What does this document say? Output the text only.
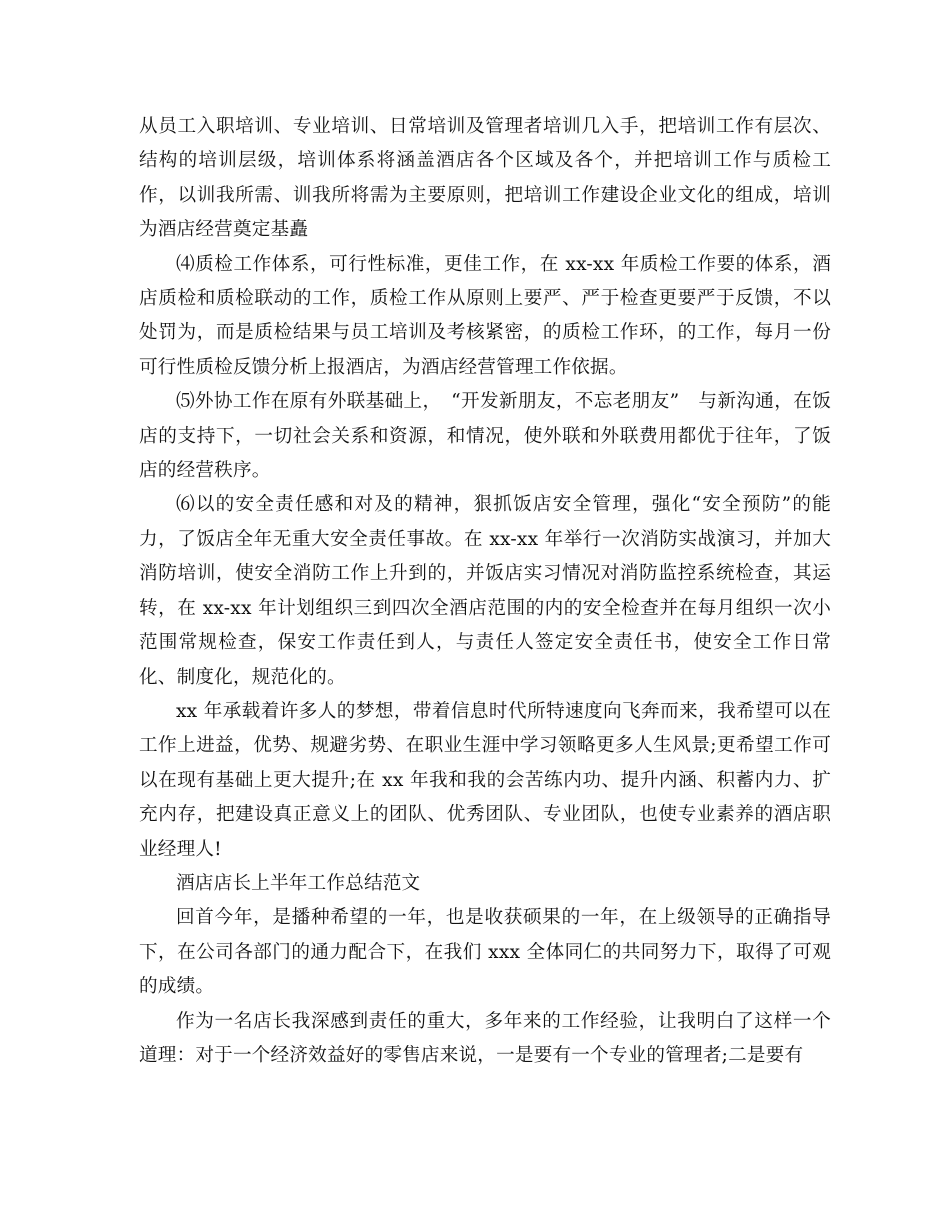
从员工入职培训、专业培训、日常培训及管理者培训几入手，把培训工作有层次、结构的培训层级，培训体系将涵盖酒店各个区域及各个，并把培训工作与质检工作，以训我所需、训我所将需为主要原则，把培训工作建设企业文化的组成，培训为酒店经营奠定基矗

⑷质检工作体系，可行性标准，更佳工作，在 xx-xx 年质检工作要的体系，酒店质检和质检联动的工作，质检工作从原则上要严、严于检查更要严于反馈，不以处罚为，而是质检结果与员工培训及考核紧密，的质检工作环，的工作，每月一份可行性质检反馈分析上报酒店，为酒店经营管理工作依据。

⑸外协工作在原有外联基础上，　“开发新朋友，不忘老朋友”　与新沟通，在饭店的支持下，一切社会关系和资源，和情况，使外联和外联费用都优于往年，了饭店的经营秩序。

⑹以的安全责任感和对及的精神，狠抓饭店安全管理，强化“安全预防”的能力，了饭店全年无重大安全责任事故。在 xx-xx 年举行一次消防实战演习，并加大消防培训，使安全消防工作上升到的，并饭店实习情况对消防监控系统检查，其运转，在 xx-xx 年计划组织三到四次全酒店范围的内的安全检查并在每月组织一次小范围常规检查，保安工作责任到人，与责任人签定安全责任书，使安全工作日常化、制度化，规范化的。

xx 年承载着许多人的梦想，带着信息时代所特速度向飞奔而来，我希望可以在工作上进益，优势、规避劣势、在职业生涯中学习领略更多人生风景;更希望工作可以在现有基础上更大提升;在 xx 年我和我的会苦练内功、提升内涵、积蓄内力、扩充内存，把建设真正意义上的团队、优秀团队、专业团队，也使专业素养的酒店职业经理人!

酒店店长上半年工作总结范文

回首今年，是播种希望的一年，也是收获硕果的一年，在上级领导的正确指导下，在公司各部门的通力配合下，在我们 xxx 全体同仁的共同努力下，取得了可观的成绩。

作为一名店长我深感到责任的重大，多年来的工作经验，让我明白了这样一个道理：对于一个经济效益好的零售店来说，一是要有一个专业的管理者;二是要有
